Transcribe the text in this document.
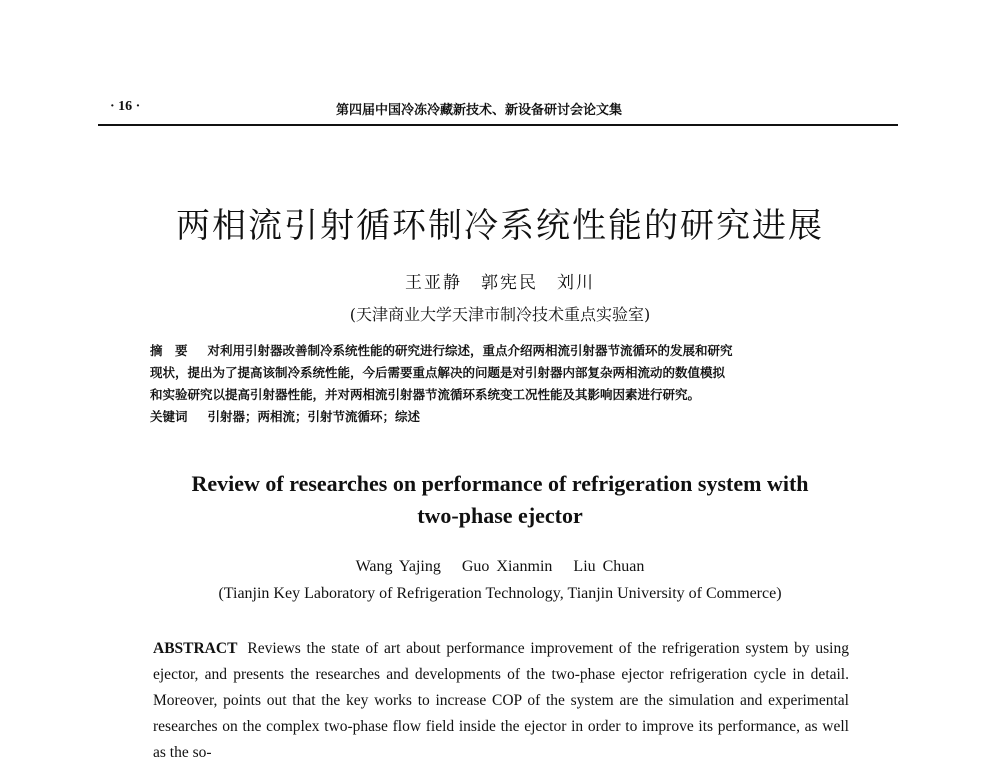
· 16 ·	第四届中国冷冻冷藏新技术、新设备研讨会论文集
两相流引射循环制冷系统性能的研究进展
王亚静　郭宪民　刘川
(天津商业大学天津市制冷技术重点实验室)
摘　要 对利用引射器改善制冷系统性能的研究进行综述，重点介绍两相流引射器节流循环的发展和研究
现状，提出为了提高该制冷系统性能，今后需要重点解决的问题是对引射器内部复杂两相流动的数值模拟
和实验研究以提高引射器性能，并对两相流引射器节流循环系统变工况性能及其影响因素进行研究。
关键词 引射器；两相流；引射节流循环；综述
Review of researches on performance of refrigeration system with two-phase ejector
Wang Yajing   Guo Xianmin   Liu Chuan
(Tianjin Key Laboratory of Refrigeration Technology, Tianjin University of Commerce)
ABSTRACT Reviews the state of art about performance improvement of the refrigeration system by using ejector, and presents the researches and developments of the two-phase ejector refrigeration cycle in detail. Moreover, points out that the key works to increase COP of the system are the simulation and experimental researches on the complex two-phase flow field inside the ejector in order to improve its performance, as well as the so-
